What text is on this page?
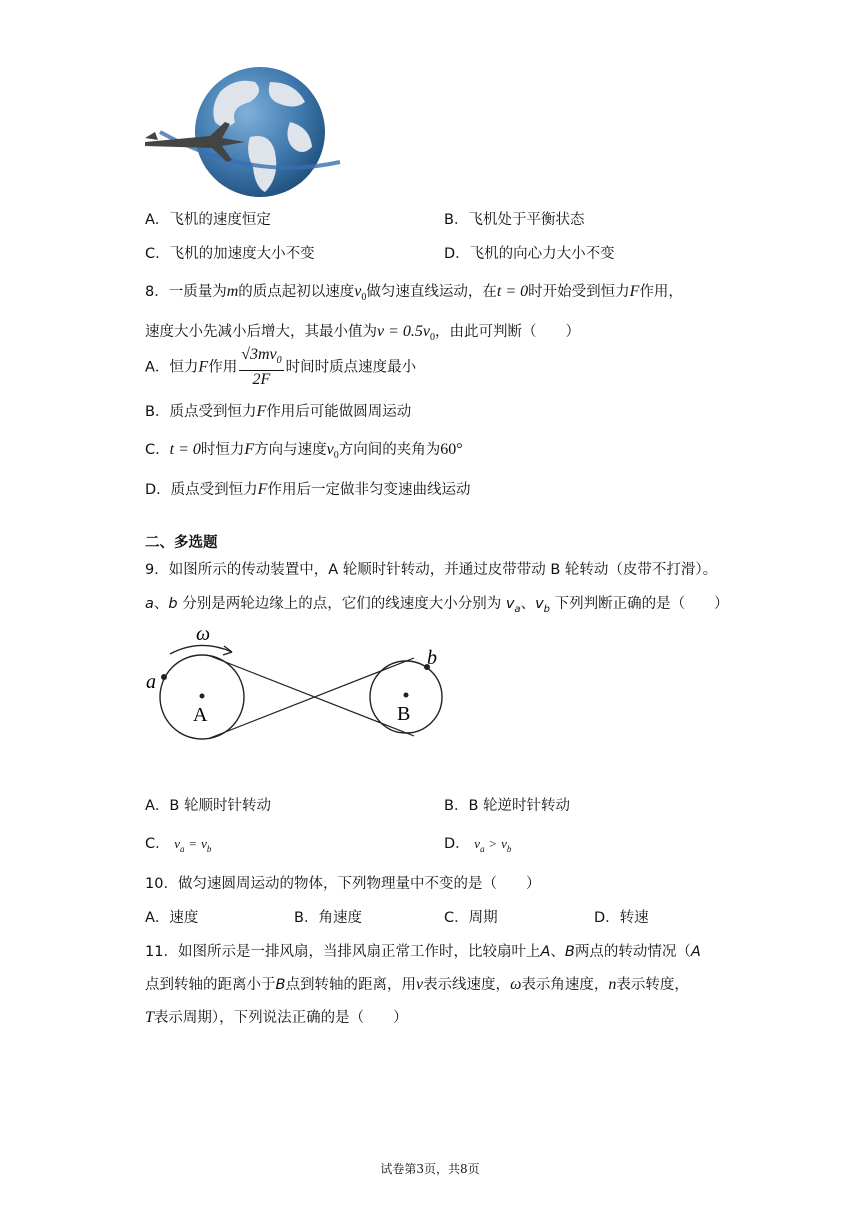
A．飞机的速度恒定	B．飞机处于平衡状态
C．飞机的加速度大小不变	D．飞机的向心力大小不变
8．一质量为m的质点起初以速度$v_0$做匀速直线运动，在t = 0时开始受到恒力F作用，
速度大小先减小后增大，其最小值为$v = 0.5v_0$，由此可判断（　　）
A．恒力F作用 $\frac{√3mv_0}{2F}$ 时间时质点速度最小
B．质点受到恒力F作用后可能做圆周运动
C．t = 0时恒力F方向与速度$v_0$方向间的夹角为60°
D．质点受到恒力F作用后一定做非匀变速曲线运动
二、多选题
9．如图所示的传动装置中，A 轮顺时针转动，并通过皮带带动 B 轮转动（皮带不打滑）。
a、b 分别是两轮边缘上的点，它们的线速度大小分别为 $v_a$、$v_b$ 下列判断正确的是（　　）
ω
a
b
A	B
A．B 轮顺时针转动	B．B 轮逆时针转动
C． $v_a = v_b$	D． $v_a > v_b$
10．做匀速圆周运动的物体，下列物理量中不变的是（　　）
A．速度	B．角速度	C．周期	D．转速
11．如图所示是一排风扇，当排风扇正常工作时，比较扇叶上A、B两点的转动情况（A
点到转轴的距离小于B点到转轴的距离，用v表示线速度，ω表示角速度，n表示转度，
T表示周期），下列说法正确的是（　　）
试卷第3页，共8页
